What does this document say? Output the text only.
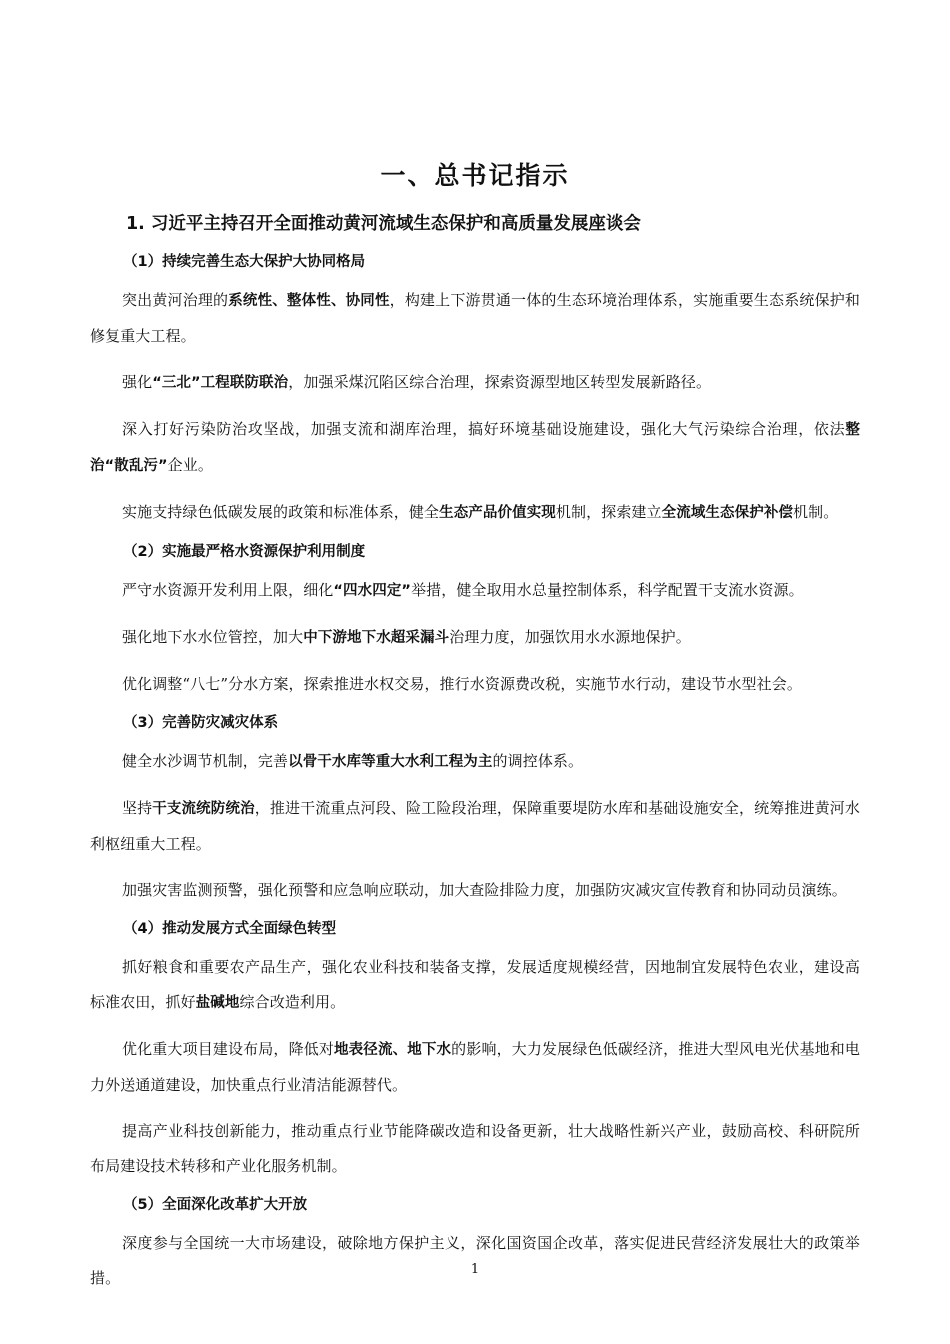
一、总书记指示
1. 习近平主持召开全面推动黄河流域生态保护和高质量发展座谈会
（1）持续完善生态大保护大协同格局
突出黄河治理的系统性、整体性、协同性，构建上下游贯通一体的生态环境治理体系，实施重要生态系统保护和修复重大工程。
强化“三北”工程联防联治，加强采煤沉陷区综合治理，探索资源型地区转型发展新路径。
深入打好污染防治攻坚战，加强支流和湖库治理，搞好环境基础设施建设，强化大气污染综合治理，依法整治“散乱污”企业。
实施支持绿色低碳发展的政策和标准体系，健全生态产品价值实现机制，探索建立全流域生态保护补偿机制。
（2）实施最严格水资源保护利用制度
严守水资源开发利用上限，细化“四水四定”举措，健全取用水总量控制体系，科学配置干支流水资源。
强化地下水水位管控，加大中下游地下水超采漏斗治理力度，加强饮用水水源地保护。
优化调整“八七”分水方案，探索推进水权交易，推行水资源费改税，实施节水行动，建设节水型社会。
（3）完善防灾减灾体系
健全水沙调节机制，完善以骨干水库等重大水利工程为主的调控体系。
坚持干支流统防统治，推进干流重点河段、险工险段治理，保障重要堤防水库和基础设施安全，统筹推进黄河水利枢纽重大工程。
加强灾害监测预警，强化预警和应急响应联动，加大查险排险力度，加强防灾减灾宣传教育和协同动员演练。
（4）推动发展方式全面绿色转型
抓好粮食和重要农产品生产，强化农业科技和装备支撑，发展适度规模经营，因地制宜发展特色农业，建设高标准农田，抓好盐碱地综合改造利用。
优化重大项目建设布局，降低对地表径流、地下水的影响，大力发展绿色低碳经济，推进大型风电光伏基地和电力外送通道建设，加快重点行业清洁能源替代。
提高产业科技创新能力，推动重点行业节能降碳改造和设备更新，壮大战略性新兴产业，鼓励高校、科研院所布局建设技术转移和产业化服务机制。
（5）全面深化改革扩大开放
深度参与全国统一大市场建设，破除地方保护主义，深化国资国企改革，落实促进民营经济发展壮大的政策举措。	1
